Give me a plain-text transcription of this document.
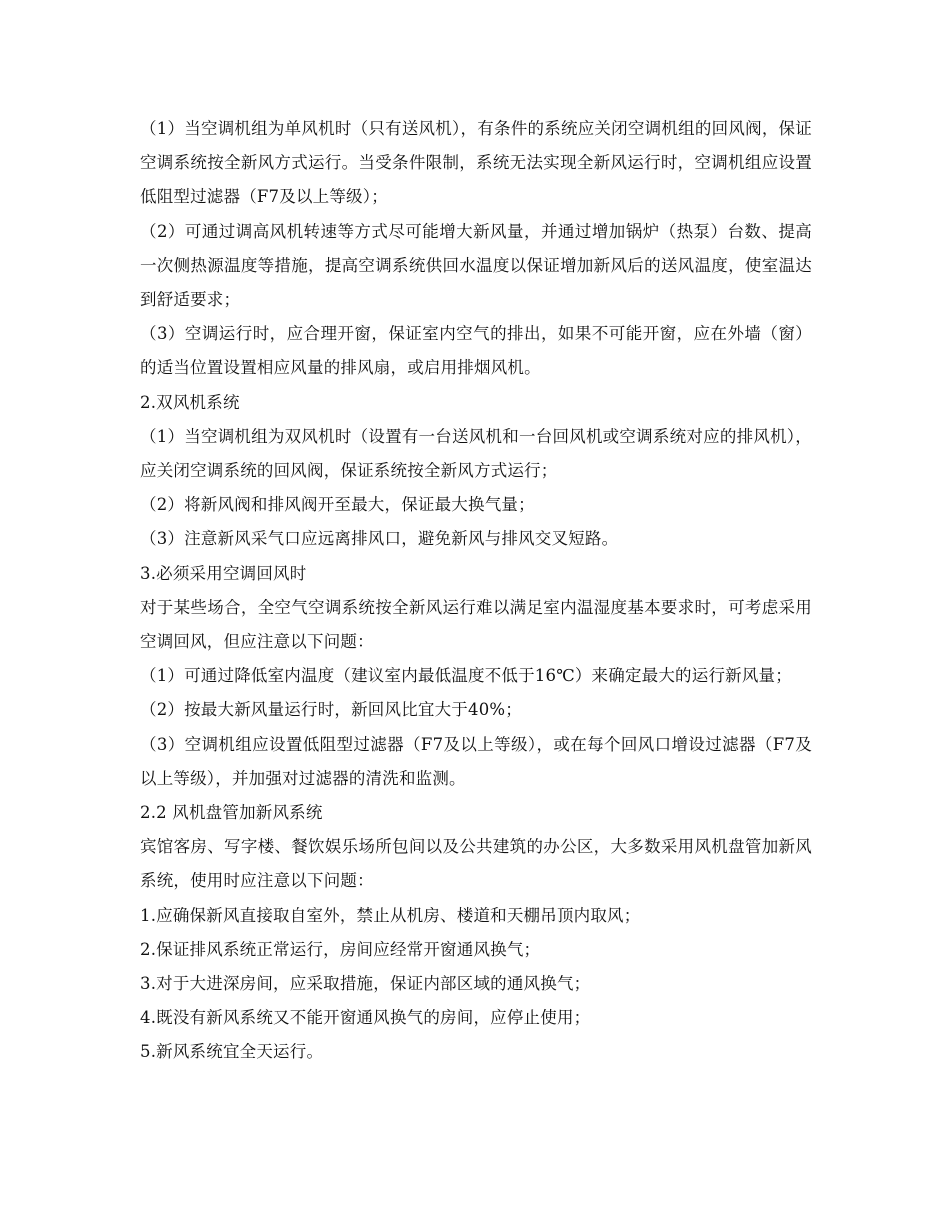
（1）当空调机组为单风机时（只有送风机），有条件的系统应关闭空调机组的回风阀，保证空调系统按全新风方式运行。当受条件限制，系统无法实现全新风运行时，空调机组应设置低阻型过滤器（F7及以上等级）；

（2）可通过调高风机转速等方式尽可能增大新风量，并通过增加锅炉（热泵）台数、提高一次侧热源温度等措施，提高空调系统供回水温度以保证增加新风后的送风温度，使室温达到舒适要求；

（3）空调运行时，应合理开窗，保证室内空气的排出，如果不可能开窗，应在外墙（窗）的适当位置设置相应风量的排风扇，或启用排烟风机。

2.双风机系统

（1）当空调机组为双风机时（设置有一台送风机和一台回风机或空调系统对应的排风机），应关闭空调系统的回风阀，保证系统按全新风方式运行；

（2）将新风阀和排风阀开至最大，保证最大换气量；

（3）注意新风采气口应远离排风口，避免新风与排风交叉短路。

3.必须采用空调回风时

对于某些场合，全空气空调系统按全新风运行难以满足室内温湿度基本要求时，可考虑采用空调回风，但应注意以下问题：

（1）可通过降低室内温度（建议室内最低温度不低于16℃）来确定最大的运行新风量；

（2）按最大新风量运行时，新回风比宜大于40%；

（3）空调机组应设置低阻型过滤器（F7及以上等级），或在每个回风口增设过滤器（F7及以上等级），并加强对过滤器的清洗和监测。

2.2 风机盘管加新风系统

宾馆客房、写字楼、餐饮娱乐场所包间以及公共建筑的办公区，大多数采用风机盘管加新风系统，使用时应注意以下问题：

1.应确保新风直接取自室外，禁止从机房、楼道和天棚吊顶内取风；

2.保证排风系统正常运行，房间应经常开窗通风换气；

3.对于大进深房间，应采取措施，保证内部区域的通风换气；

4.既没有新风系统又不能开窗通风换气的房间，应停止使用；

5.新风系统宜全天运行。
